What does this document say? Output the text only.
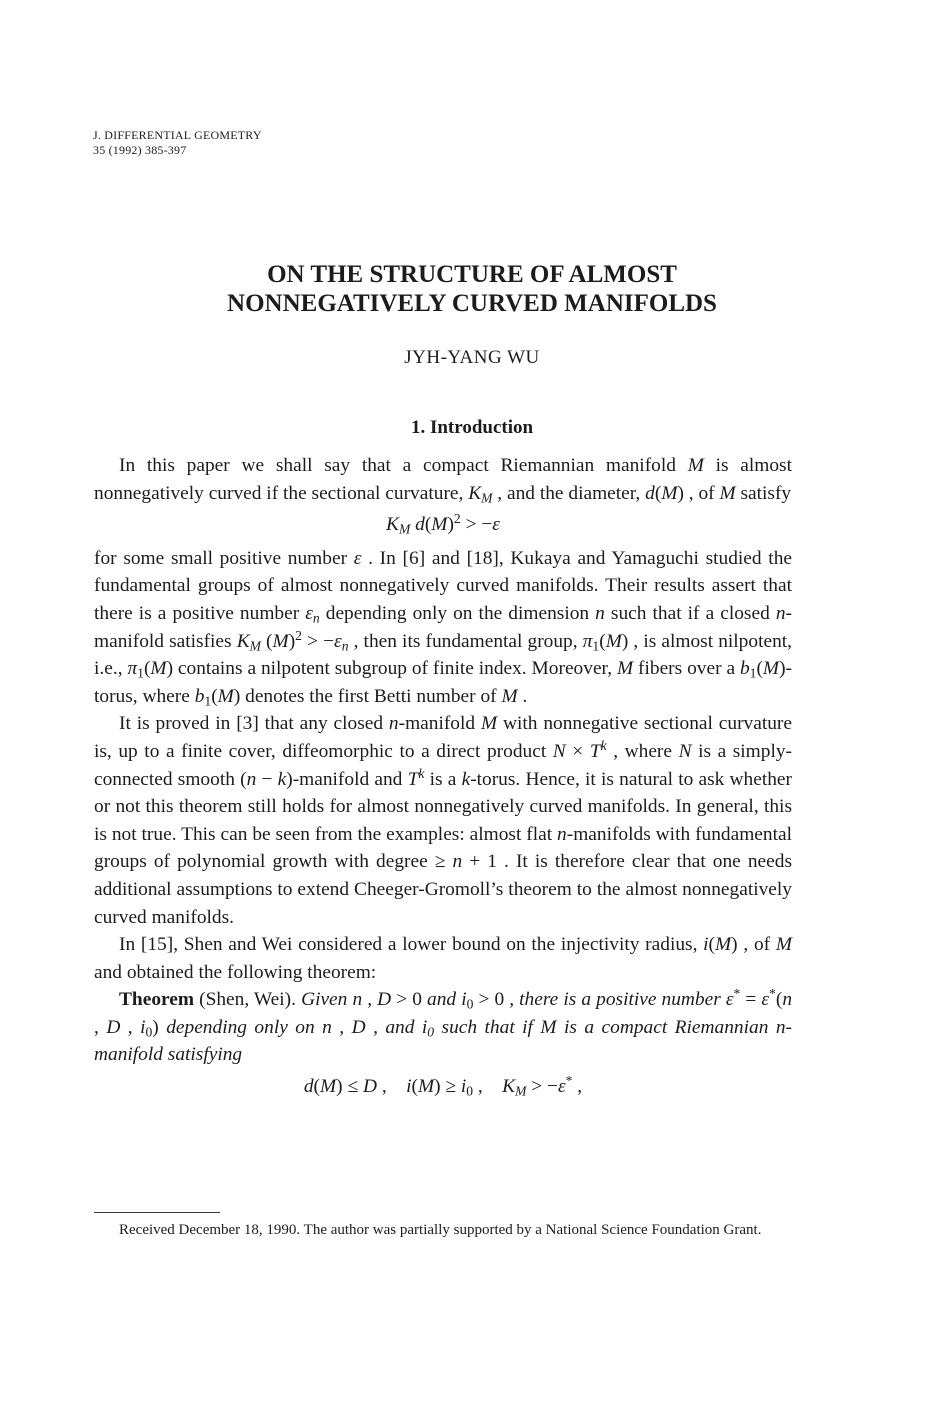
J. DIFFERENTIAL GEOMETRY
35 (1992) 385-397
ON THE STRUCTURE OF ALMOST
NONNEGATIVELY CURVED MANIFOLDS
JYH-YANG WU
1. Introduction

In this paper we shall say that a compact Riemannian manifold M is almost nonnegatively curved if the sectional curvature, $K_M$ , and the diameter, d(M) , of M satisfy

$K_M$ $d(M)^2 > -\varepsilon$

for some small positive number ε . In [6] and [18], Kukaya and Yamaguchi studied the fundamental groups of almost nonnegatively curved manifolds. Their results assert that there is a positive number $\varepsilon_n$ depending only on the dimension n such that if a closed n-manifold satisfies $K_M$ $(M)^2 > -\varepsilon_n$ , then its fundamental group, $\pi_1(M)$ , is almost nilpotent, i.e., $\pi_1(M)$ contains a nilpotent subgroup of finite index. Moreover, M fibers over a $b_1(M)$-torus, where $b_1(M)$ denotes the first Betti number of M .

It is proved in [3] that any closed n-manifold M with nonnegative sectional curvature is, up to a finite cover, diffeomorphic to a direct product $N \times T^k$ , where N is a simply-connected smooth (n − k)-manifold and $T^k$ is a k-torus. Hence, it is natural to ask whether or not this theorem still holds for almost nonnegatively curved manifolds. In general, this is not true. This can be seen from the examples: almost flat n-manifolds with fundamental groups of polynomial growth with degree ≥ n + 1 . It is therefore clear that one needs additional assumptions to extend Cheeger-Gromoll’s theorem to the almost nonnegatively curved manifolds.

In [15], Shen and Wei considered a lower bound on the injectivity radius, i(M) , of M and obtained the following theorem:

Theorem (Shen, Wei). Given n , D > 0 and $i_0 > 0$ , there is a positive number ε* = ε*(n , D , $i_0$) depending only on n , D , and $i_0$ such that if M is a compact Riemannian n-manifold satisfying

d(M) ≤ D ,    $i(M) \ge i_0$ ,    $K_M > -\varepsilon^*$ ,
Received December 18, 1990. The author was partially supported by a National Science Foundation Grant.
